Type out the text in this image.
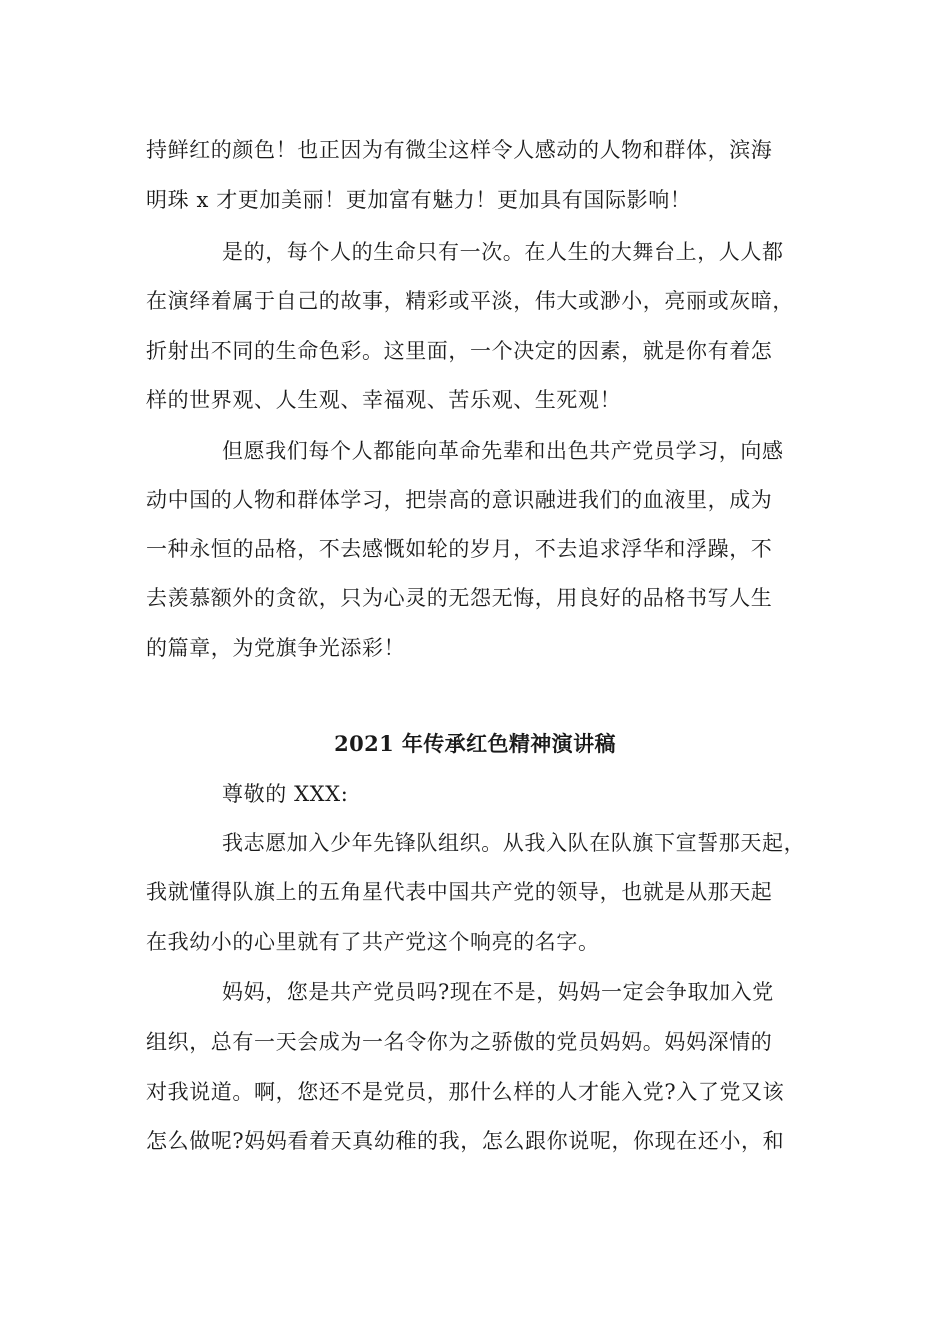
持鲜红的颜色！也正因为有微尘这样令人感动的人物和群体，滨海
明珠 x 才更加美丽！更加富有魅力！更加具有国际影响！
是的，每个人的生命只有一次。在人生的大舞台上，人人都
在演绎着属于自己的故事，精彩或平淡，伟大或渺小，亮丽或灰暗，
折射出不同的生命色彩。这里面，一个决定的因素，就是你有着怎
样的世界观、人生观、幸福观、苦乐观、生死观！
但愿我们每个人都能向革命先辈和出色共产党员学习，向感
动中国的人物和群体学习，把崇高的意识融进我们的血液里，成为
一种永恒的品格，不去感慨如轮的岁月，不去追求浮华和浮躁，不
去羡慕额外的贪欲，只为心灵的无怨无悔，用良好的品格书写人生
的篇章，为党旗争光添彩！
2021 年传承红色精神演讲稿
尊敬的 XXX:
我志愿加入少年先锋队组织。从我入队在队旗下宣誓那天起，
我就懂得队旗上的五角星代表中国共产党的领导，也就是从那天起
在我幼小的心里就有了共产党这个响亮的名字。
妈妈，您是共产党员吗?现在不是，妈妈一定会争取加入党
组织，总有一天会成为一名令你为之骄傲的党员妈妈。妈妈深情的
对我说道。啊，您还不是党员，那什么样的人才能入党?入了党又该
怎么做呢?妈妈看着天真幼稚的我，怎么跟你说呢，你现在还小，和
